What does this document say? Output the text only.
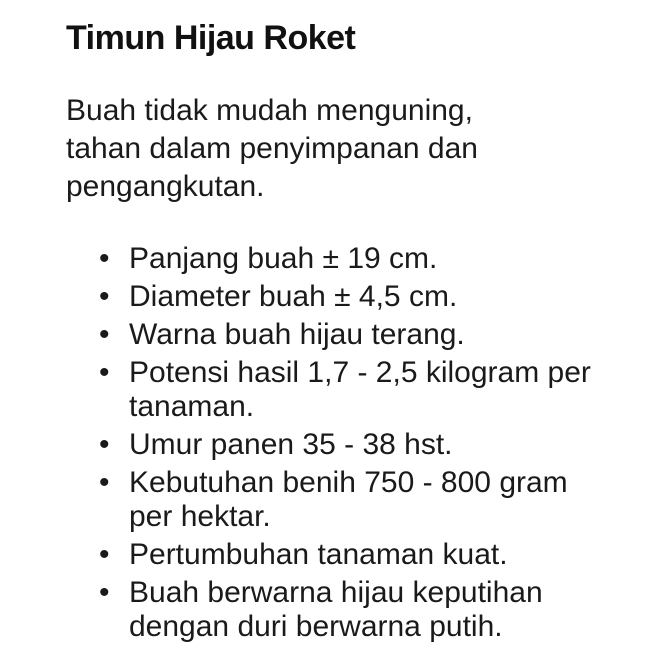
Timun Hijau Roket

Buah tidak mudah menguning, tahan dalam penyimpanan dan pengangkutan.

• Panjang buah ± 19 cm.
• Diameter buah ± 4,5 cm.
• Warna buah hijau terang.
• Potensi hasil 1,7 - 2,5 kilogram per tanaman.
• Umur panen 35 - 38 hst.
• Kebutuhan benih 750 - 800 gram per hektar.
• Pertumbuhan tanaman kuat.
• Buah berwarna hijau keputihan dengan duri berwarna putih.
